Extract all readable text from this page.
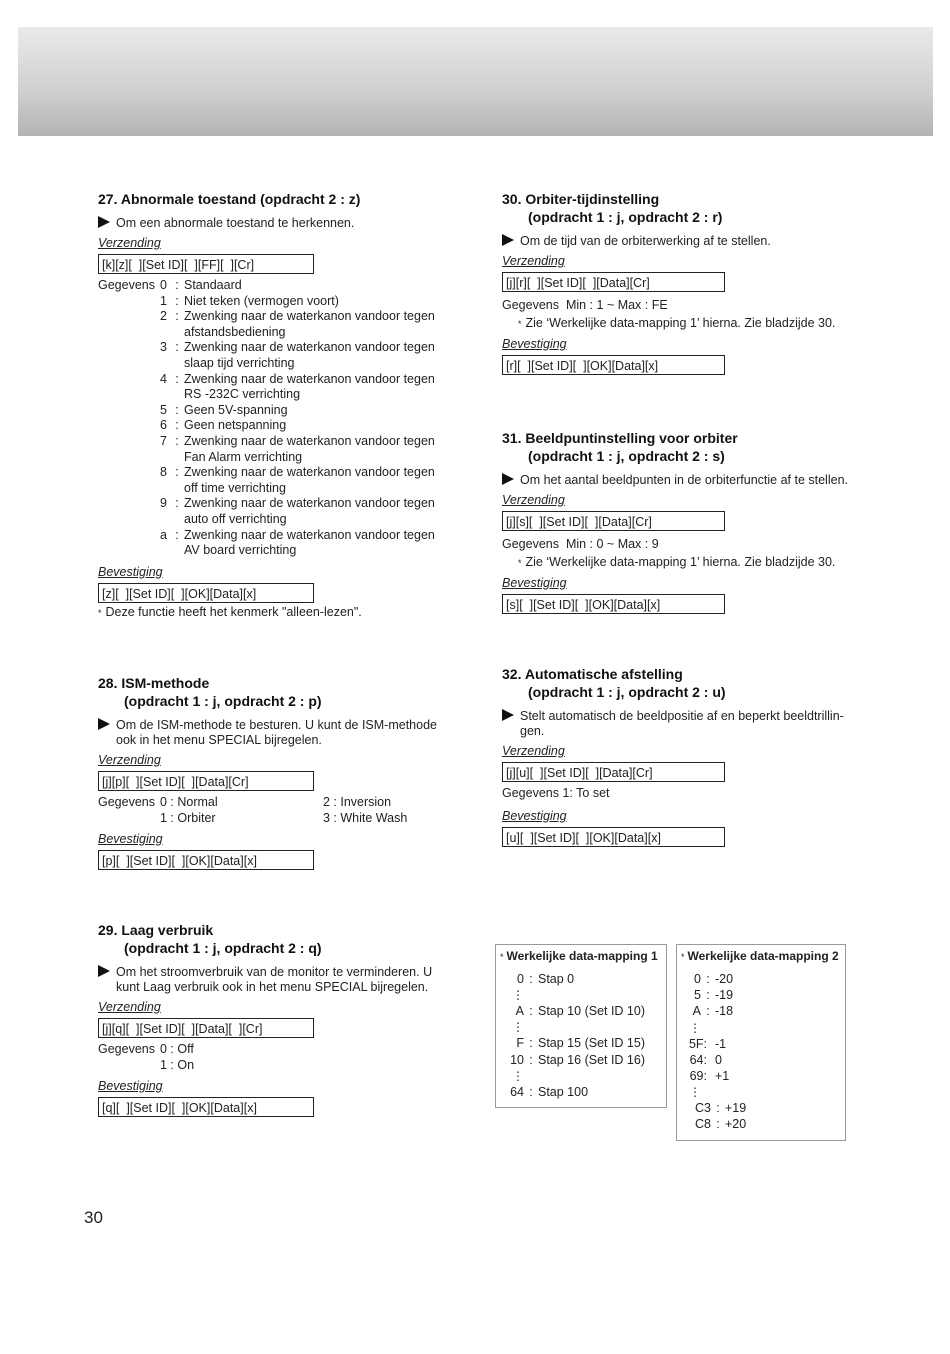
27. Abnormale toestand (opdracht 2 : z)

Om een abnormale toestand te herkennen.
Verzending
[k][z][  ][Set ID][  ][FF][  ][Cr]
Gegevens 0 : Standaard
1 : Niet teken (vermogen voort)
2 : Zwenking naar de waterkanon vandoor tegen
afstandsbediening
3 : Zwenking naar de waterkanon vandoor tegen
slaap tijd verrichting
4 : Zwenking naar de waterkanon vandoor tegen
RS -232C verrichting
5 : Geen 5V-spanning
6 : Geen netspanning
7 : Zwenking naar de waterkanon vandoor tegen
Fan Alarm verrichting
8 : Zwenking naar de waterkanon vandoor tegen
off time verrichting
9 : Zwenking naar de waterkanon vandoor tegen
auto off verrichting
a : Zwenking naar de waterkanon vandoor tegen
AV board verrichting
Bevestiging
[z][  ][Set ID][  ][OK][Data][x]
* Deze functie heeft het kenmerk "alleen-lezen".

28. ISM-methode

(opdracht 1 : j, opdracht 2 : p)

Om de ISM-methode te besturen. U kunt de ISM-methode
ook in het menu SPECIAL bijregelen.
Verzending
[j][p][  ][Set ID][  ][Data][Cr]
Gegevens 0 : Normal
1 : Orbiter
2 : Inversion
3 : White Wash
Bevestiging
[p][  ][Set ID][  ][OK][Data][x]

29. Laag verbruik

(opdracht 1 : j, opdracht 2 : q)

Om het stroomverbruik van de monitor te verminderen. U
kunt Laag verbruik ook in het menu SPECIAL bijregelen.
Verzending
[j][q][  ][Set ID][  ][Data][  ][Cr]
Gegevens 0 : Off
1 : On
Bevestiging
[q][  ][Set ID][  ][OK][Data][x]

30. Orbiter-tijdinstelling

(opdracht 1 : j, opdracht 2 : r)

Om de tijd van de orbiterwerking af te stellen.
Verzending
[j][r][  ][Set ID][  ][Data][Cr]
Gegevens Min : 1 ~ Max : FE
* Zie ‘Werkelijke data-mapping 1’ hierna. Zie bladzijde 30.
Bevestiging
[r][  ][Set ID][  ][OK][Data][x]

31. Beeldpuntinstelling voor orbiter

(opdracht 1 : j, opdracht 2 : s)

Om het aantal beeldpunten in de orbiterfunctie af te stellen.
Verzending
[j][s][  ][Set ID][  ][Data][Cr]
Gegevens Min : 0 ~ Max : 9
* Zie ‘Werkelijke data-mapping 1’ hierna. Zie bladzijde 30.
Bevestiging
[s][  ][Set ID][  ][OK][Data][x]

32. Automatische afstelling

(opdracht 1 : j, opdracht 2 : u)

Stelt automatisch de beeldpositie af en beperkt beeldtrillin-
gen.
Verzending
[j][u][  ][Set ID][  ][Data][Cr]
Gegevens 1: To set
Bevestiging
[u][  ][Set ID][  ][OK][Data][x]
* Werkelijke data-mapping 1
0 : Stap 0
⋮
A : Stap 10 (Set ID 10)
⋮
F : Stap 15 (Set ID 15)
10 : Stap 16 (Set ID 16)
⋮
64 : Stap 100
* Werkelijke data-mapping 2
0 : -20
5 : -19
A : -18
⋮
5F: -1
64: 0
69: +1
⋮
C3 : +19
C8 : +20
30
